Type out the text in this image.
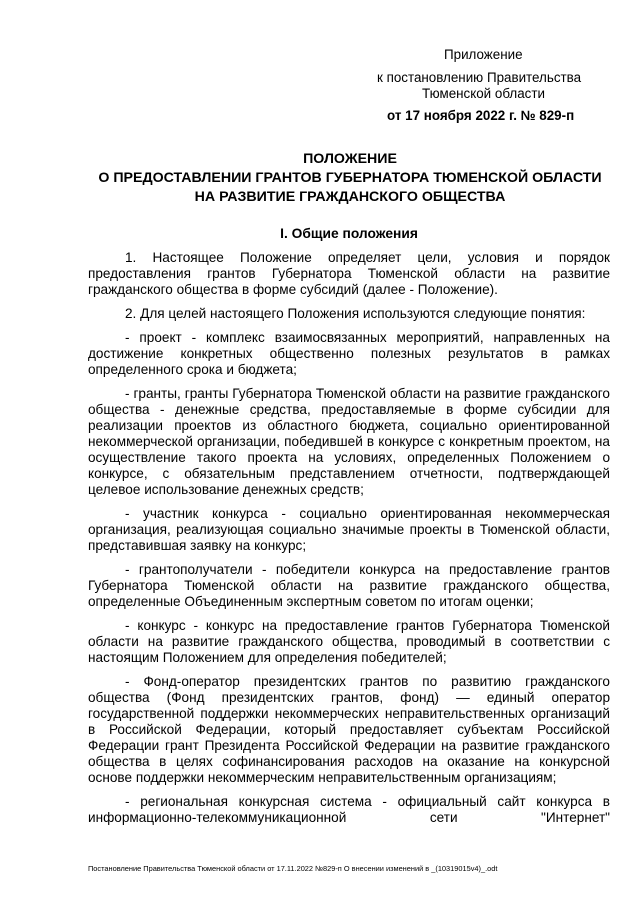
Приложение
к постановлению Правительства
Тюменской области
от 17 ноября 2022 г. № 829-п
ПОЛОЖЕНИЕ
О ПРЕДОСТАВЛЕНИИ ГРАНТОВ ГУБЕРНАТОРА ТЮМЕНСКОЙ ОБЛАСТИ
НА РАЗВИТИЕ ГРАЖДАНСКОГО ОБЩЕСТВА
I. Общие положения

1. Настоящее Положение определяет цели, условия и порядок предоставления грантов Губернатора Тюменской области на развитие гражданского общества в форме субсидий (далее - Положение).

2. Для целей настоящего Положения используются следующие понятия:

- проект - комплекс взаимосвязанных мероприятий, направленных на достижение конкретных общественно полезных результатов в рамках определенного срока и бюджета;

- гранты, гранты Губернатора Тюменской области на развитие гражданского общества - денежные средства, предоставляемые в форме субсидии для реализации проектов из областного бюджета, социально ориентированной некоммерческой организации, победившей в конкурсе с конкретным проектом, на осуществление такого проекта на условиях, определенных Положением о конкурсе, с обязательным представлением отчетности, подтверждающей целевое использование денежных средств;

- участник конкурса - социально ориентированная некоммерческая организация, реализующая социально значимые проекты в Тюменской области, представившая заявку на конкурс;

- грантополучатели - победители конкурса на предоставление грантов Губернатора Тюменской области на развитие гражданского общества, определенные Объединенным экспертным советом по итогам оценки;

- конкурс - конкурс на предоставление грантов Губернатора Тюменской области на развитие гражданского общества, проводимый в соответствии с настоящим Положением для определения победителей;

- Фонд-оператор президентских грантов по развитию гражданского общества (Фонд президентских грантов, фонд) — единый оператор государственной поддержки некоммерческих неправительственных организаций в Российской Федерации, который предоставляет субъектам Российской Федерации грант Президента Российской Федерации на развитие гражданского общества в целях софинансирования расходов на оказание на конкурсной основе поддержки некоммерческим неправительственным организациям;

- региональная конкурсная система - официальный сайт конкурса в информационно-телекоммуникационной сети "Интернет"

Постановление Правительства Тюменской области от 17.11.2022 №829-п О внесении изменений в _(10319015v4)_.odt
